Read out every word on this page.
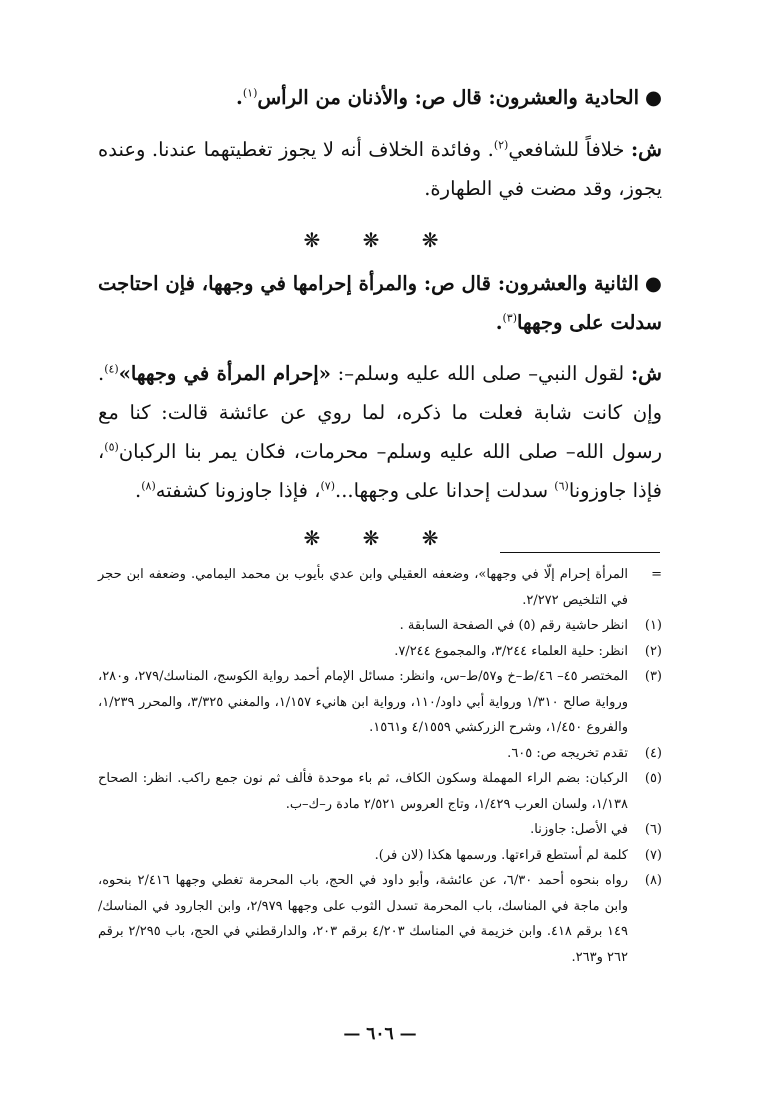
●الحادية والعشرون: قال ص: والأذنان من الرأس$^{(١)}$.

ش: خلافاً للشافعي$^{(٢)}$. وفائدة الخلاف أنه لا يجوز تغطيتهما عندنا. وعنده يجوز، وقد مضت في الطهارة.

❋ ❋ ❋

●الثانية والعشرون: قال ص: والمرأة إحرامها في وجهها، فإن احتاجت سدلت على وجهها$^{(٣)}$.

ش: لقول النبي– صلى الله عليه وسلم–: «إحرام المرأة في وجهها»$^{(٤)}$. وإن كانت شابة فعلت ما ذكره، لما روي عن عائشة قالت: كنا مع رسول الله– صلى الله عليه وسلم– محرمات، فكان يمر بنا الركبان$^{(٥)}$، فإذا جاوزونا$^{(٦)}$ سدلت إحدانا على وجهها...$^{(٧)}$، فإذا جاوزونا كشفته$^{(٨)}$.

❋ ❋ ❋

=
المرأة إحرام إلّا في وجهها»، وضعفه العقيلي وابن عدي بأيوب بن محمد اليمامي. وضعفه ابن حجر في التلخيص ٢/٢٧٢.
(١)
انظر حاشية رقم (٥) في الصفحة السابقة .
(٢)
انظر: حلية العلماء ٣/٢٤٤، والمجموع ٧/٢٤٤.
(٣)
المختصر ٤٥– ٤٦/ط–خ و٥٧/ط–س، وانظر: مسائل الإمام أحمد رواية الكوسج، المناسك/٢٧٩، و٢٨٠، ورواية صالح ١/٣١٠ ورواية أبي داود/١١٠، ورواية ابن هانيء ١/١٥٧، والمغني ٣/٣٢٥، والمحرر ١/٢٣٩، والفروع ١/٤٥٠، وشرح الزركشي ٤/١٥٥٩ و١٥٦١.
(٤)
تقدم تخريجه ص: ٦٠٥.
(٥)
الركبان: بضم الراء المهملة وسكون الكاف، ثم باء موحدة فألف ثم نون جمع راكب. انظر: الصحاح ١/١٣٨، ولسان العرب ١/٤٢٩، وتاج العروس ٢/٥٢١ مادة ر–ك–ب.
(٦)
في الأصل: جاوزنا.
(٧)
كلمة لم أستطع قراءتها. ورسمها هكذا (لان فر).
(٨)
رواه بنحوه أحمد ٦/٣٠، عن عائشة، وأبو داود في الحج، باب المحرمة تغطي وجهها ٢/٤١٦ بنحوه، وابن ماجة في المناسك، باب المحرمة تسدل الثوب على وجهها ٢/٩٧٩، وابن الجارود في المناسك/١٤٩ برقم ٤١٨. وابن خزيمة في المناسك ٤/٢٠٣ برقم ٢٠٣، والدارقطني في الحج، باب ٢/٢٩٥ برقم ٢٦٢ و٢٦٣.
— ٦٠٦ —
